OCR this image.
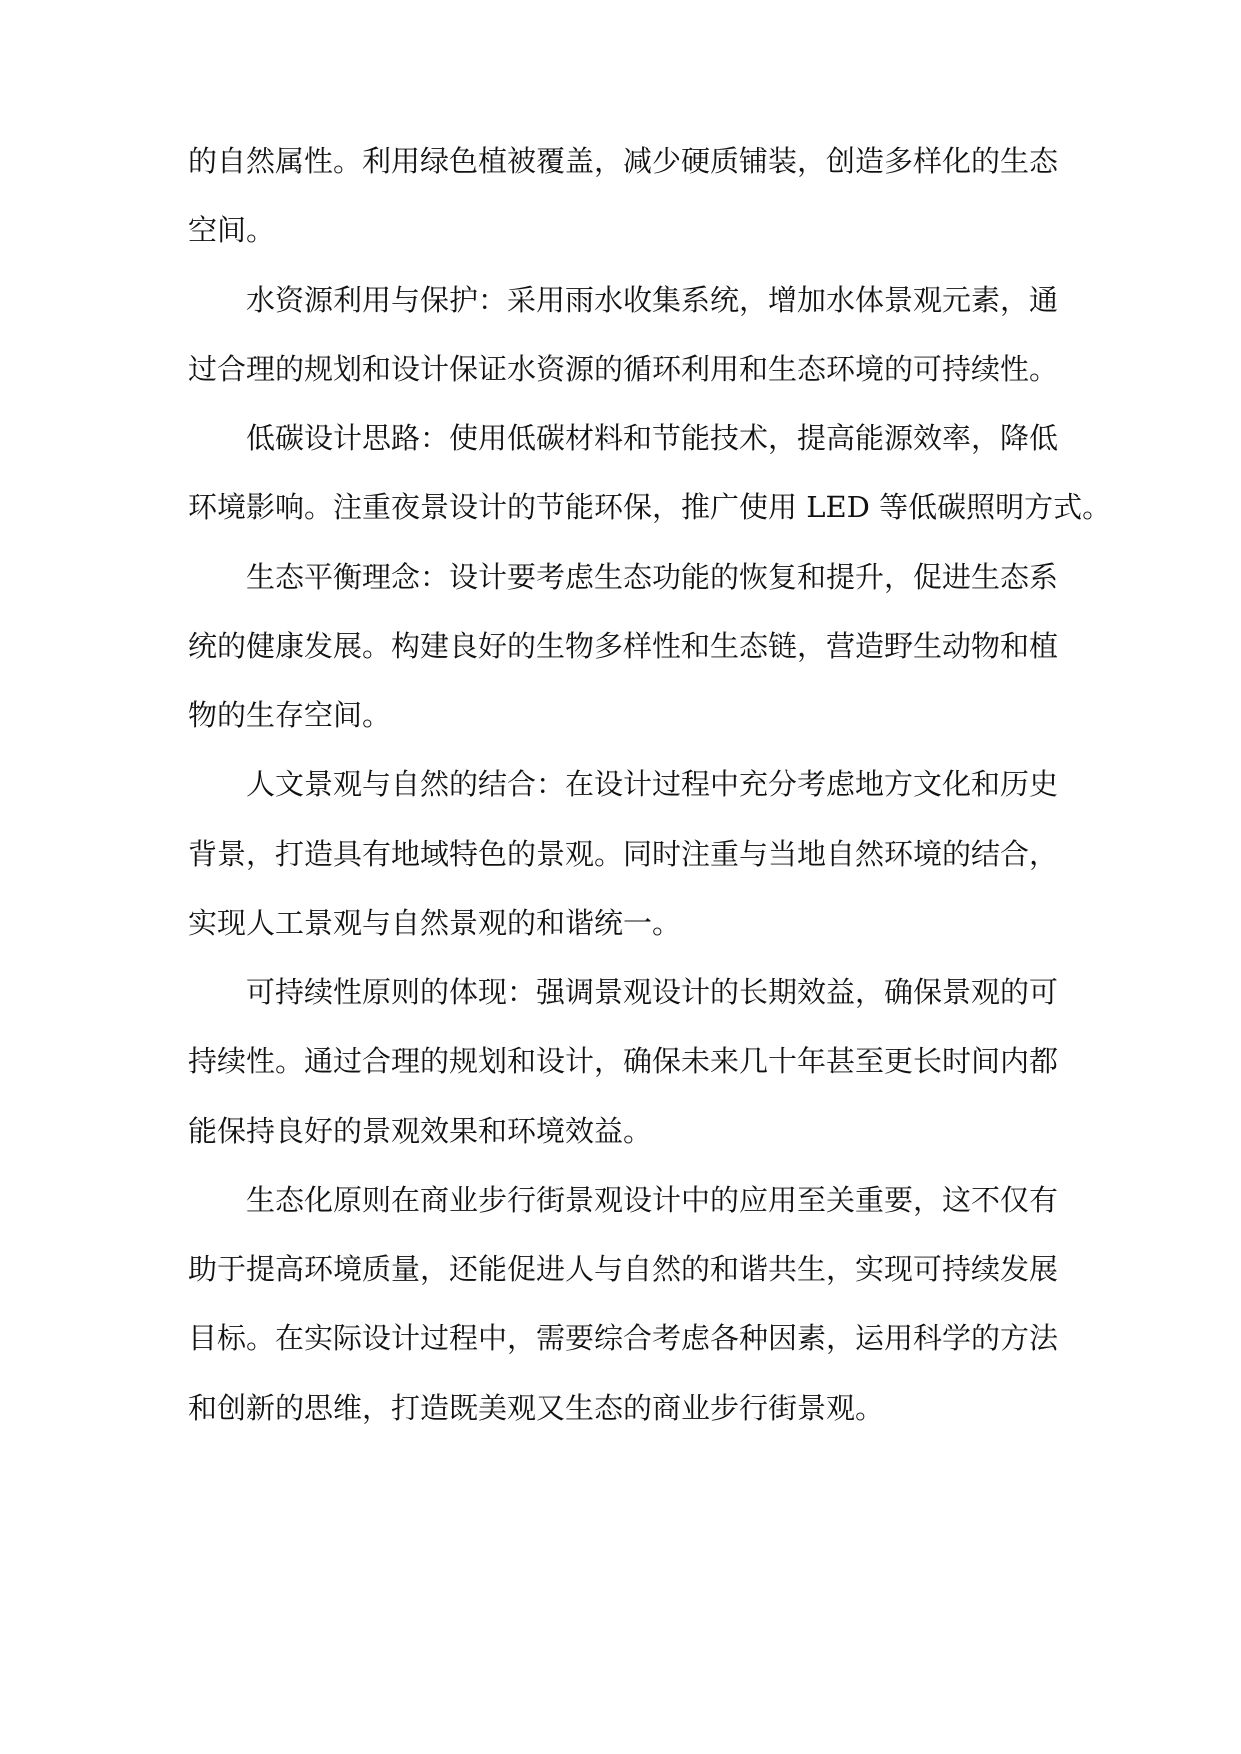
的自然属性。利用绿色植被覆盖，减少硬质铺装，创造多样化的生态

空间。

水资源利用与保护：采用雨水收集系统，增加水体景观元素，通

过合理的规划和设计保证水资源的循环利用和生态环境的可持续性。

低碳设计思路：使用低碳材料和节能技术，提高能源效率，降低

环境影响。注重夜景设计的节能环保，推广使用 LED 等低碳照明方式。

生态平衡理念：设计要考虑生态功能的恢复和提升，促进生态系

统的健康发展。构建良好的生物多样性和生态链，营造野生动物和植

物的生存空间。

人文景观与自然的结合：在设计过程中充分考虑地方文化和历史

背景，打造具有地域特色的景观。同时注重与当地自然环境的结合，

实现人工景观与自然景观的和谐统一。

可持续性原则的体现：强调景观设计的长期效益，确保景观的可

持续性。通过合理的规划和设计，确保未来几十年甚至更长时间内都

能保持良好的景观效果和环境效益。

生态化原则在商业步行街景观设计中的应用至关重要，这不仅有

助于提高环境质量，还能促进人与自然的和谐共生，实现可持续发展

目标。在实际设计过程中，需要综合考虑各种因素，运用科学的方法

和创新的思维，打造既美观又生态的商业步行街景观。
